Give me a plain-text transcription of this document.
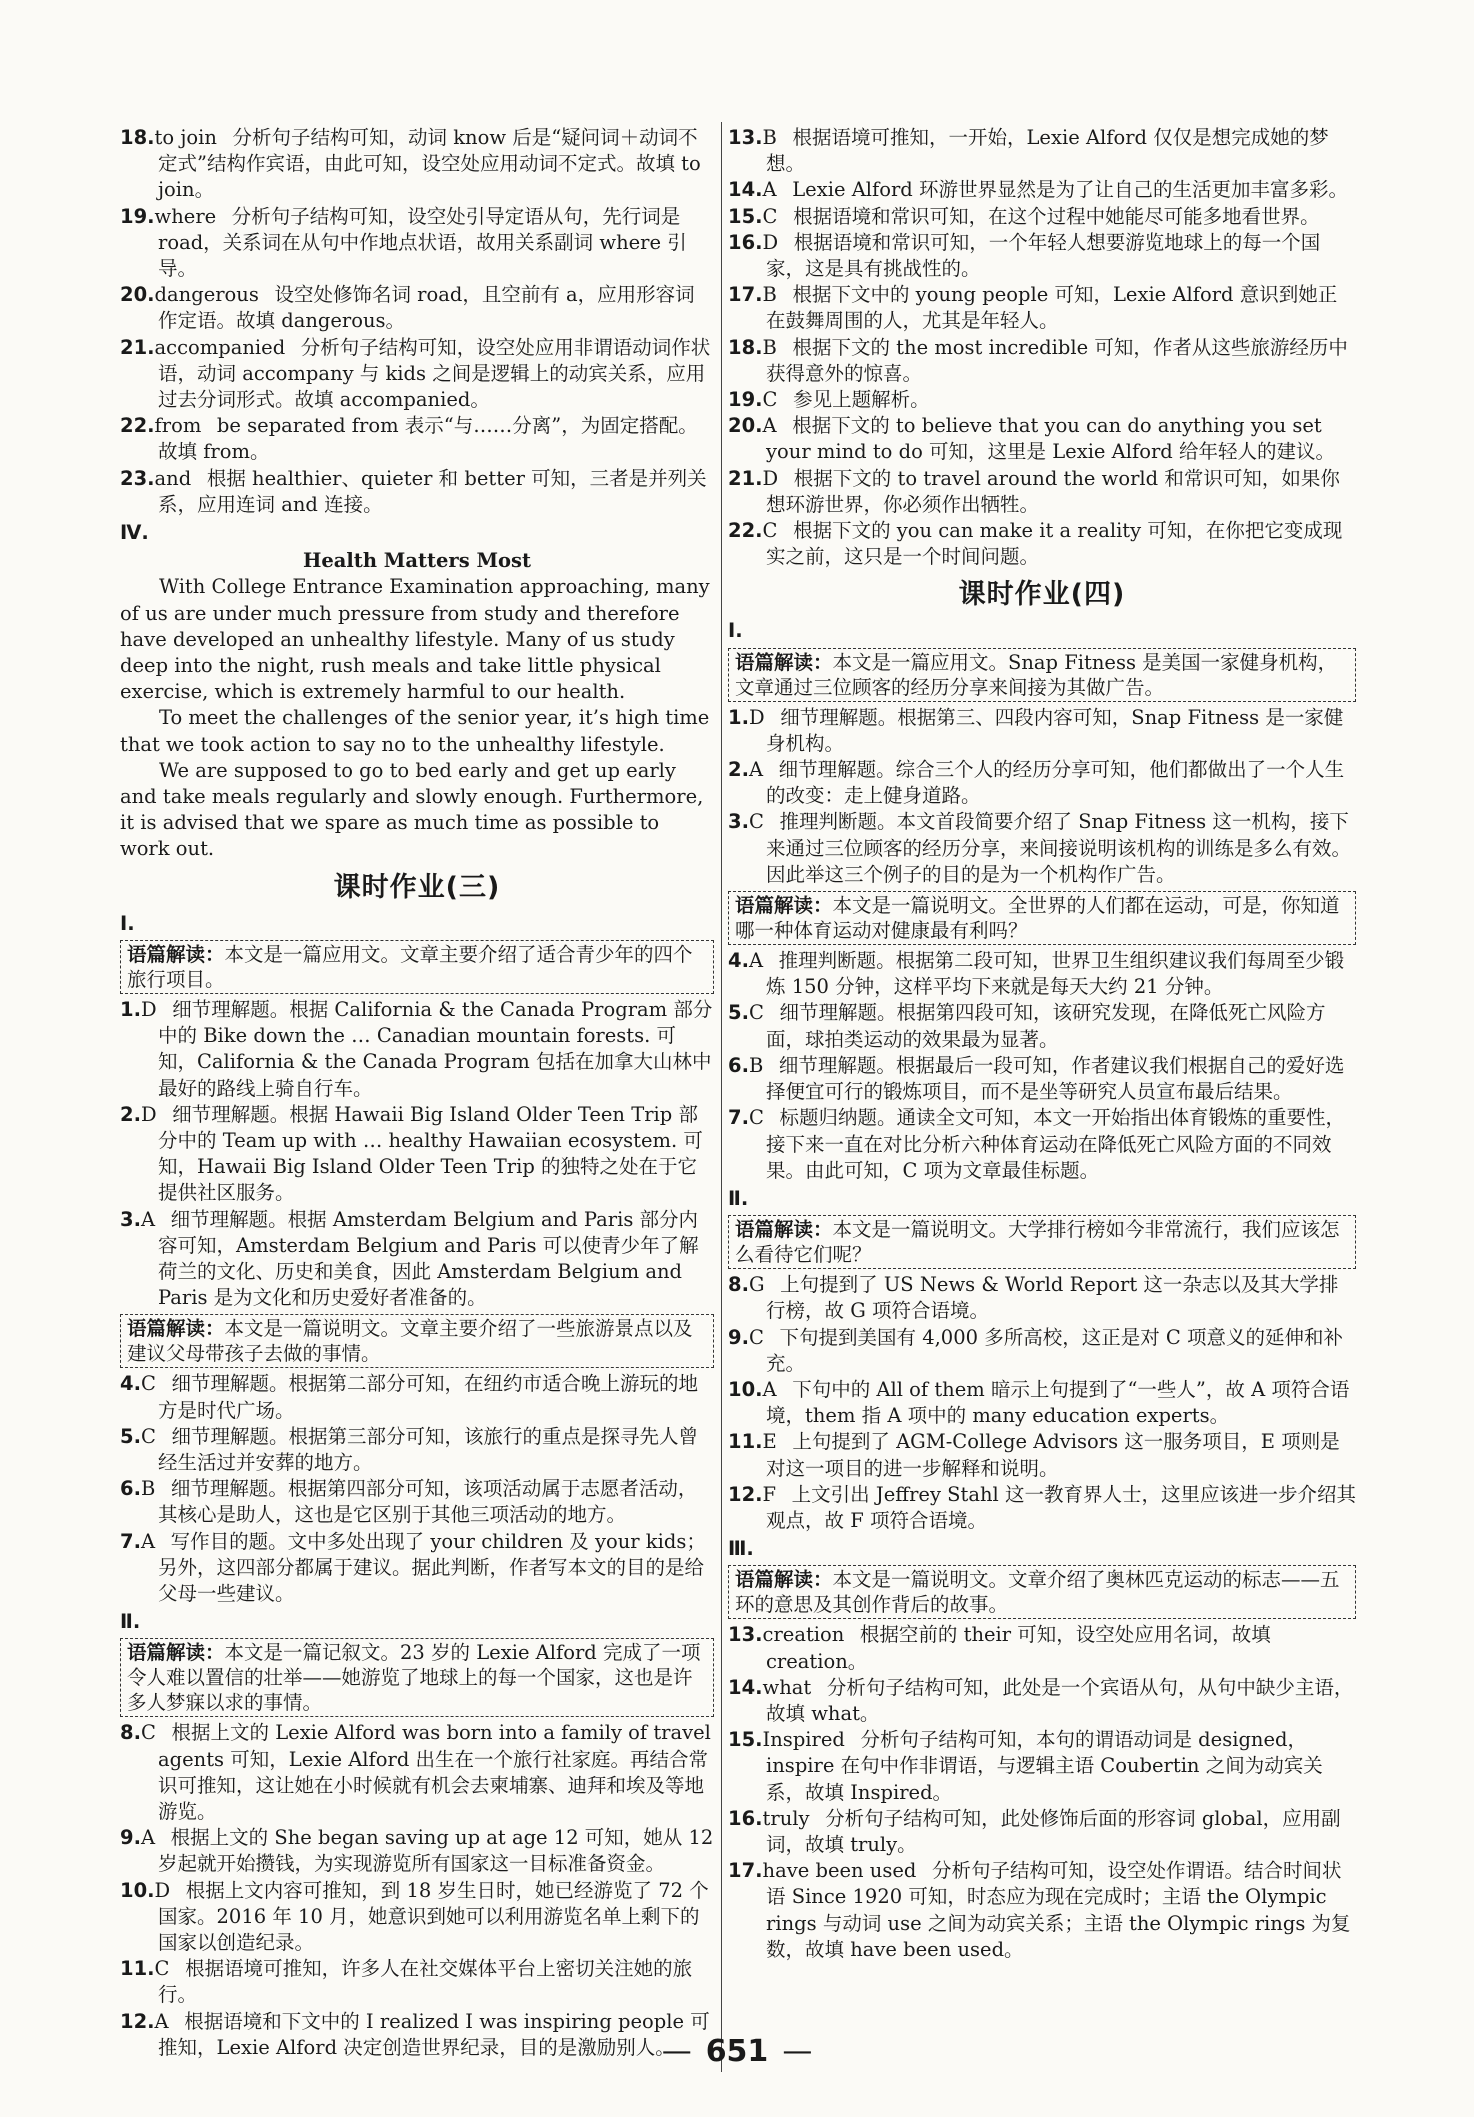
18.to join 分析句子结构可知，动词 know 后是“疑问词＋动词不定式”结构作宾语，由此可知，设空处应用动词不定式。故填 to join。

19.where 分析句子结构可知，设空处引导定语从句，先行词是 road，关系词在从句中作地点状语，故用关系副词 where 引导。

20.dangerous 设空处修饰名词 road，且空前有 a，应用形容词作定语。故填 dangerous。

21.accompanied 分析句子结构可知，设空处应用非谓语动词作状语，动词 accompany 与 kids 之间是逻辑上的动宾关系，应用过去分词形式。故填 accompanied。

22.from be separated from 表示“与……分离”，为固定搭配。故填 from。

23.and 根据 healthier、quieter 和 better 可知，三者是并列关系，应用连词 and 连接。

Ⅳ.
Health Matters Most

With College Entrance Examination approaching, many of us are under much pressure from study and therefore have developed an unhealthy lifestyle. Many of us study deep into the night, rush meals and take little physical exercise, which is extremely harmful to our health.

To meet the challenges of the senior year, it’s high time that we took action to say no to the unhealthy lifestyle.

We are supposed to go to bed early and get up early and take meals regularly and slowly enough. Furthermore, it is advised that we spare as much time as possible to work out.

课时作业(三)
Ⅰ.
语篇解读：本文是一篇应用文。文章主要介绍了适合青少年的四个旅行项目。

1.D 细节理解题。根据 California & the Canada Program 部分中的 Bike down the … Canadian mountain forests. 可知，California & the Canada Program 包括在加拿大山林中最好的路线上骑自行车。

2.D 细节理解题。根据 Hawaii Big Island Older Teen Trip 部分中的 Team up with … healthy Hawaiian ecosystem. 可知，Hawaii Big Island Older Teen Trip 的独特之处在于它提供社区服务。

3.A 细节理解题。根据 Amsterdam Belgium and Paris 部分内容可知，Amsterdam Belgium and Paris 可以使青少年了解荷兰的文化、历史和美食，因此 Amsterdam Belgium and Paris 是为文化和历史爱好者准备的。

语篇解读：本文是一篇说明文。文章主要介绍了一些旅游景点以及建议父母带孩子去做的事情。

4.C 细节理解题。根据第二部分可知，在纽约市适合晚上游玩的地方是时代广场。

5.C 细节理解题。根据第三部分可知，该旅行的重点是探寻先人曾经生活过并安葬的地方。

6.B 细节理解题。根据第四部分可知，该项活动属于志愿者活动，其核心是助人，这也是它区别于其他三项活动的地方。

7.A 写作目的题。文中多处出现了 your children 及 your kids；另外，这四部分都属于建议。据此判断，作者写本文的目的是给父母一些建议。

Ⅱ.
语篇解读：本文是一篇记叙文。23 岁的 Lexie Alford 完成了一项令人难以置信的壮举——她游览了地球上的每一个国家，这也是许多人梦寐以求的事情。

8.C 根据上文的 Lexie Alford was born into a family of travel agents 可知，Lexie Alford 出生在一个旅行社家庭。再结合常识可推知，这让她在小时候就有机会去柬埔寨、迪拜和埃及等地游览。

9.A 根据上文的 She began saving up at age 12 可知，她从 12 岁起就开始攒钱，为实现游览所有国家这一目标准备资金。

10.D 根据上文内容可推知，到 18 岁生日时，她已经游览了 72 个国家。2016 年 10 月，她意识到她可以利用游览名单上剩下的国家以创造纪录。

11.C 根据语境可推知，许多人在社交媒体平台上密切关注她的旅行。

12.A 根据语境和下文中的 I realized I was inspiring people 可推知，Lexie Alford 决定创造世界纪录，目的是激励别人。

13.B 根据语境可推知，一开始，Lexie Alford 仅仅是想完成她的梦想。

14.A Lexie Alford 环游世界显然是为了让自己的生活更加丰富多彩。

15.C 根据语境和常识可知，在这个过程中她能尽可能多地看世界。

16.D 根据语境和常识可知，一个年轻人想要游览地球上的每一个国家，这是具有挑战性的。

17.B 根据下文中的 young people 可知，Lexie Alford 意识到她正在鼓舞周围的人，尤其是年轻人。

18.B 根据下文的 the most incredible 可知，作者从这些旅游经历中获得意外的惊喜。

19.C 参见上题解析。

20.A 根据下文的 to believe that you can do anything you set your mind to do 可知，这里是 Lexie Alford 给年轻人的建议。

21.D 根据下文的 to travel around the world 和常识可知，如果你想环游世界，你必须作出牺牲。

22.C 根据下文的 you can make it a reality 可知，在你把它变成现实之前，这只是一个时间问题。

课时作业(四)
Ⅰ.
语篇解读：本文是一篇应用文。Snap Fitness 是美国一家健身机构，文章通过三位顾客的经历分享来间接为其做广告。

1.D 细节理解题。根据第三、四段内容可知，Snap Fitness 是一家健身机构。

2.A 细节理解题。综合三个人的经历分享可知，他们都做出了一个人生的改变：走上健身道路。

3.C 推理判断题。本文首段简要介绍了 Snap Fitness 这一机构，接下来通过三位顾客的经历分享，来间接说明该机构的训练是多么有效。因此举这三个例子的目的是为一个机构作广告。

语篇解读：本文是一篇说明文。全世界的人们都在运动，可是，你知道哪一种体育运动对健康最有利吗？

4.A 推理判断题。根据第二段可知，世界卫生组织建议我们每周至少锻炼 150 分钟，这样平均下来就是每天大约 21 分钟。

5.C 细节理解题。根据第四段可知，该研究发现，在降低死亡风险方面，球拍类运动的效果最为显著。

6.B 细节理解题。根据最后一段可知，作者建议我们根据自己的爱好选择便宜可行的锻炼项目，而不是坐等研究人员宣布最后结果。

7.C 标题归纳题。通读全文可知，本文一开始指出体育锻炼的重要性，接下来一直在对比分析六种体育运动在降低死亡风险方面的不同效果。由此可知，C 项为文章最佳标题。

Ⅱ.
语篇解读：本文是一篇说明文。大学排行榜如今非常流行，我们应该怎么看待它们呢？

8.G 上句提到了 US News & World Report 这一杂志以及其大学排行榜，故 G 项符合语境。

9.C 下句提到美国有 4,000 多所高校，这正是对 C 项意义的延伸和补充。

10.A 下句中的 All of them 暗示上句提到了“一些人”，故 A 项符合语境，them 指 A 项中的 many education experts。

11.E 上句提到了 AGM-College Advisors 这一服务项目，E 项则是对这一项目的进一步解释和说明。

12.F 上文引出 Jeffrey Stahl 这一教育界人士，这里应该进一步介绍其观点，故 F 项符合语境。

Ⅲ.
语篇解读：本文是一篇说明文。文章介绍了奥林匹克运动的标志——五环的意思及其创作背后的故事。

13.creation 根据空前的 their 可知，设空处应用名词，故填 creation。

14.what 分析句子结构可知，此处是一个宾语从句，从句中缺少主语，故填 what。

15.Inspired 分析句子结构可知，本句的谓语动词是 designed，inspire 在句中作非谓语，与逻辑主语 Coubertin 之间为动宾关系，故填 Inspired。

16.truly 分析句子结构可知，此处修饰后面的形容词 global，应用副词，故填 truly。

17.have been used 分析句子结构可知，设空处作谓语。结合时间状语 Since 1920 可知，时态应为现在完成时；主语 the Olympic rings 与动词 use 之间为动宾关系；主语 the Olympic rings 为复数，故填 have been used。

— 651 —
